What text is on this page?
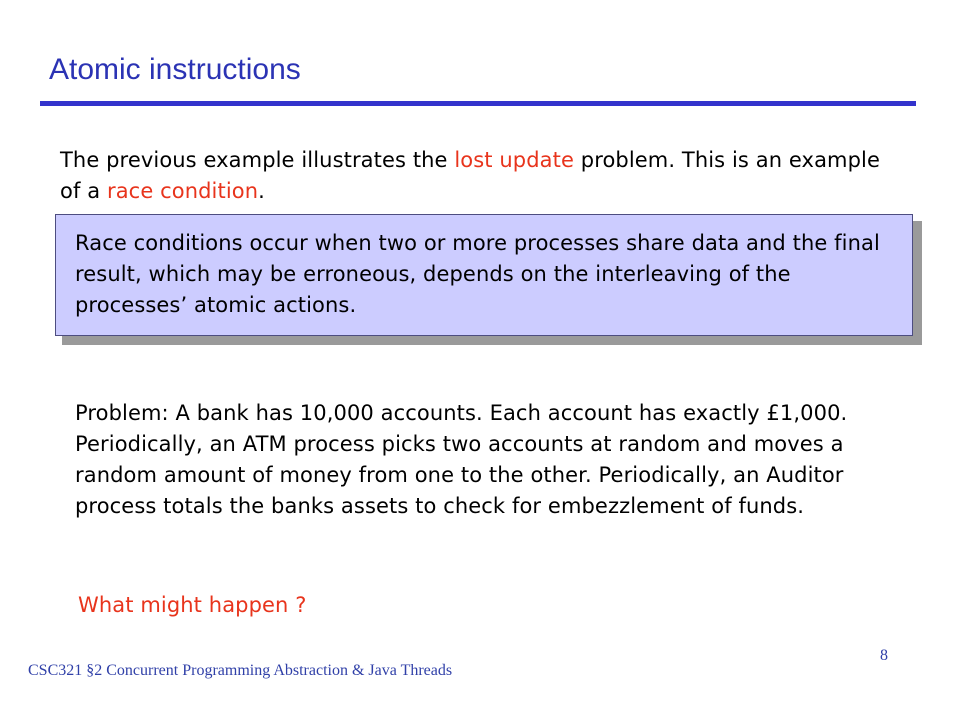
Atomic instructions

The previous example illustrates the lost update problem. This is an example of a race condition.

Race conditions occur when two or more processes share data and the final result, which may be erroneous, depends on the interleaving of the processes’ atomic actions.

Problem: A bank has 10,000 accounts. Each account has exactly £1,000. Periodically, an ATM process picks two accounts at random and moves a random amount of money from one to the other. Periodically, an Auditor process totals the banks assets to check for embezzlement of funds.

What might happen ?

CSC321 §2 Concurrent Programming Abstraction & Java Threads

8
